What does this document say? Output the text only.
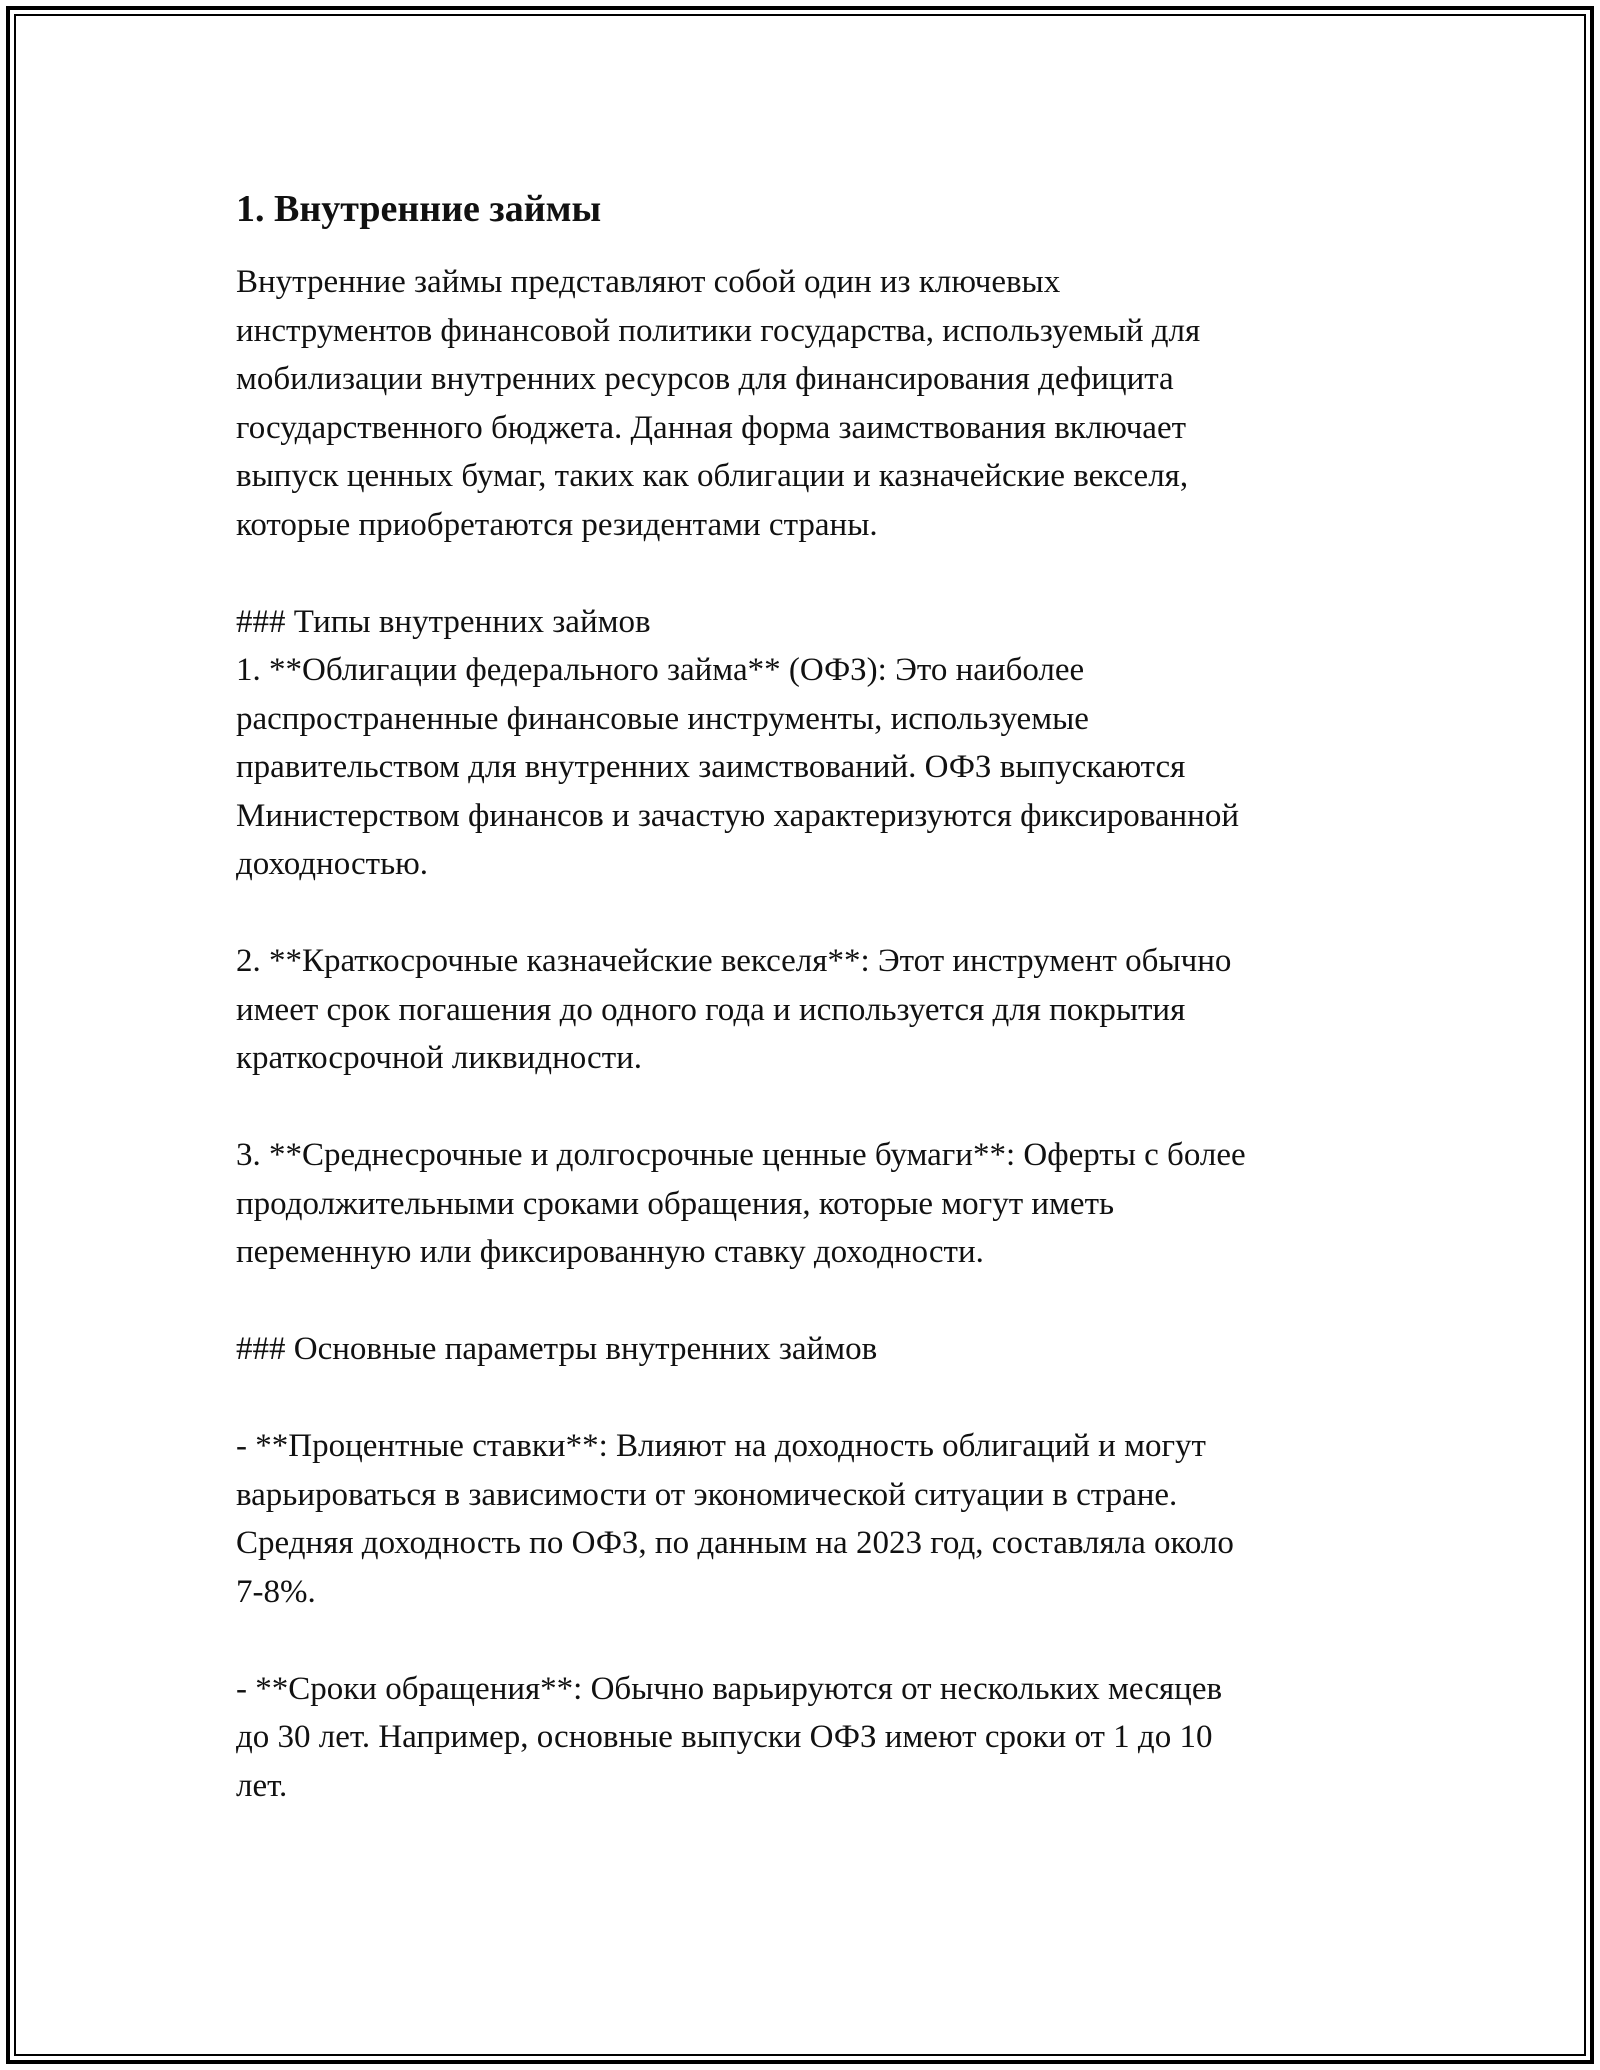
1. Внутренние займы

Внутренние займы представляют собой один из ключевых

инструментов финансовой политики государства, используемый для

мобилизации внутренних ресурсов для финансирования дефицита

государственного бюджета. Данная форма заимствования включает

выпуск ценных бумаг, таких как облигации и казначейские векселя,

которые приобретаются резидентами страны.

### Типы внутренних займов

1. **Облигации федерального займа** (ОФЗ): Это наиболее

распространенные финансовые инструменты, используемые

правительством для внутренних заимствований. ОФЗ выпускаются

Министерством финансов и зачастую характеризуются фиксированной

доходностью.

2. **Краткосрочные казначейские векселя**: Этот инструмент обычно

имеет срок погашения до одного года и используется для покрытия

краткосрочной ликвидности.

3. **Среднесрочные и долгосрочные ценные бумаги**: Оферты с более

продолжительными сроками обращения, которые могут иметь

переменную или фиксированную ставку доходности.

### Основные параметры внутренних займов

- **Процентные ставки**: Влияют на доходность облигаций и могут

варьироваться в зависимости от экономической ситуации в стране.

Средняя доходность по ОФЗ, по данным на 2023 год, составляла около

7-8%.

- **Сроки обращения**: Обычно варьируются от нескольких месяцев

до 30 лет. Например, основные выпуски ОФЗ имеют сроки от 1 до 10

лет.
